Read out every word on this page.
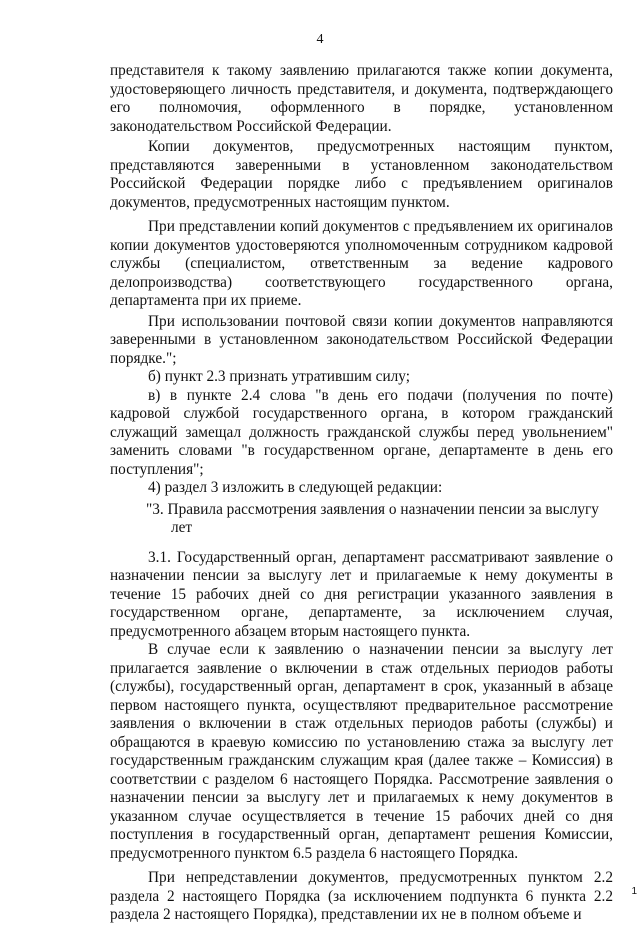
4

представителя к такому заявлению прилагаются также копии документа, удостоверяющего личность представителя, и документа, подтверждающего его полномочия, оформленного в порядке, установленном законодательством Российской Федерации.

Копии документов, предусмотренных настоящим пунктом, представляются заверенными в установленном законодательством Российской Федерации порядке либо с предъявлением оригиналов документов, предусмотренных настоящим пунктом.

При представлении копий документов с предъявлением их оригиналов копии документов удостоверяются уполномоченным сотрудником кадровой службы (специалистом, ответственным за ведение кадрового делопроизводства) соответствующего государственного органа, департамента при их приеме.

При использовании почтовой связи копии документов направляются заверенными в установленном законодательством Российской Федерации порядке.";

б) пункт 2.3 признать утратившим силу;

в) в пункте 2.4 слова "в день его подачи (получения по почте) кадровой службой государственного органа, в котором гражданский служащий замещал должность гражданской службы перед увольнением" заменить словами "в государственном органе, департаменте в день его поступления";

4) раздел 3 изложить в следующей редакции:

"3. Правила рассмотрения заявления о назначении пенсии за выслугу
лет

3.1. Государственный орган, департамент рассматривают заявление о назначении пенсии за выслугу лет и прилагаемые к нему документы в течение 15 рабочих дней со дня регистрации указанного заявления в государственном органе, департаменте, за исключением случая, предусмотренного абзацем вторым настоящего пункта.

В случае если к заявлению о назначении пенсии за выслугу лет прилагается заявление о включении в стаж отдельных периодов работы (службы), государственный орган, департамент в срок, указанный в абзаце первом настоящего пункта, осуществляют предварительное рассмотрение заявления о включении в стаж отдельных периодов работы (службы) и обращаются в краевую комиссию по установлению стажа за выслугу лет государственным гражданским служащим края (далее также – Комиссия) в соответствии с разделом 6 настоящего Порядка. Рассмотрение заявления о назначении пенсии за выслугу лет и прилагаемых к нему документов в указанном случае осуществляется в течение 15 рабочих дней со дня поступления в государственный орган, департамент решения Комиссии, предусмотренного пунктом 6.5 раздела 6 настоящего Порядка.

При непредставлении документов, предусмотренных пунктом 2.2 раздела 2 настоящего Порядка (за исключением подпункта 6 пункта 2.2 раздела 2 настоящего Порядка), представлении их не в полном объеме и

1
